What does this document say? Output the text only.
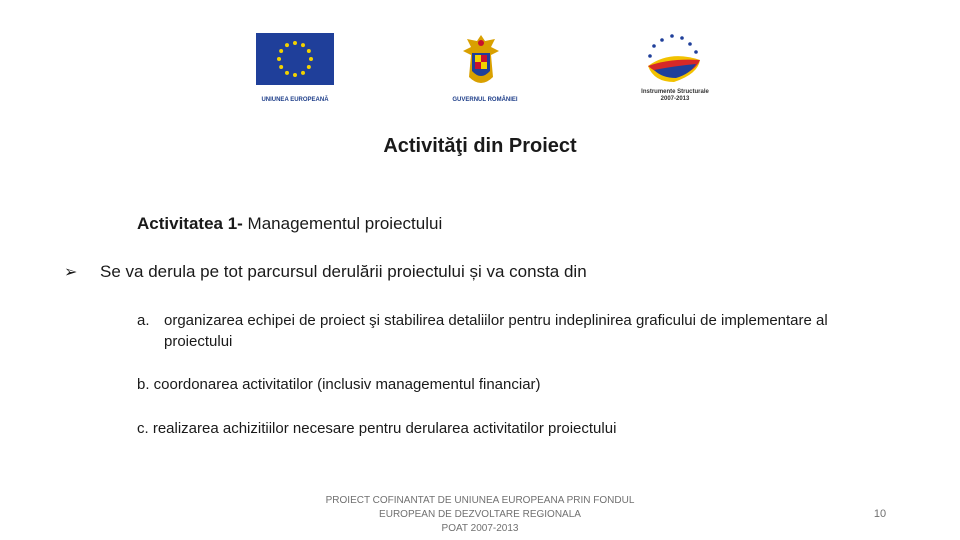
UNIUNEA EUROPEANĂ	GUVERNUL ROMÂNIEI
Instrumente Structurale
2007-2013
Activităţi din Proiect
Activitatea 1- Managementul proiectului
➢ Se va derula pe tot parcursul derulării proiectului și va consta din
a. organizarea echipei de proiect şi stabilirea detaliilor pentru indeplinirea graficului de implementare al
proiectului
b. coordonarea activitatilor (inclusiv managementul financiar)
c. realizarea achizitiilor necesare pentru derularea activitatilor proiectului
PROIECT COFINANTAT DE UNIUNEA EUROPEANA PRIN FONDUL
EUROPEAN DE DEZVOLTARE REGIONALA
POAT 2007-2013
10
